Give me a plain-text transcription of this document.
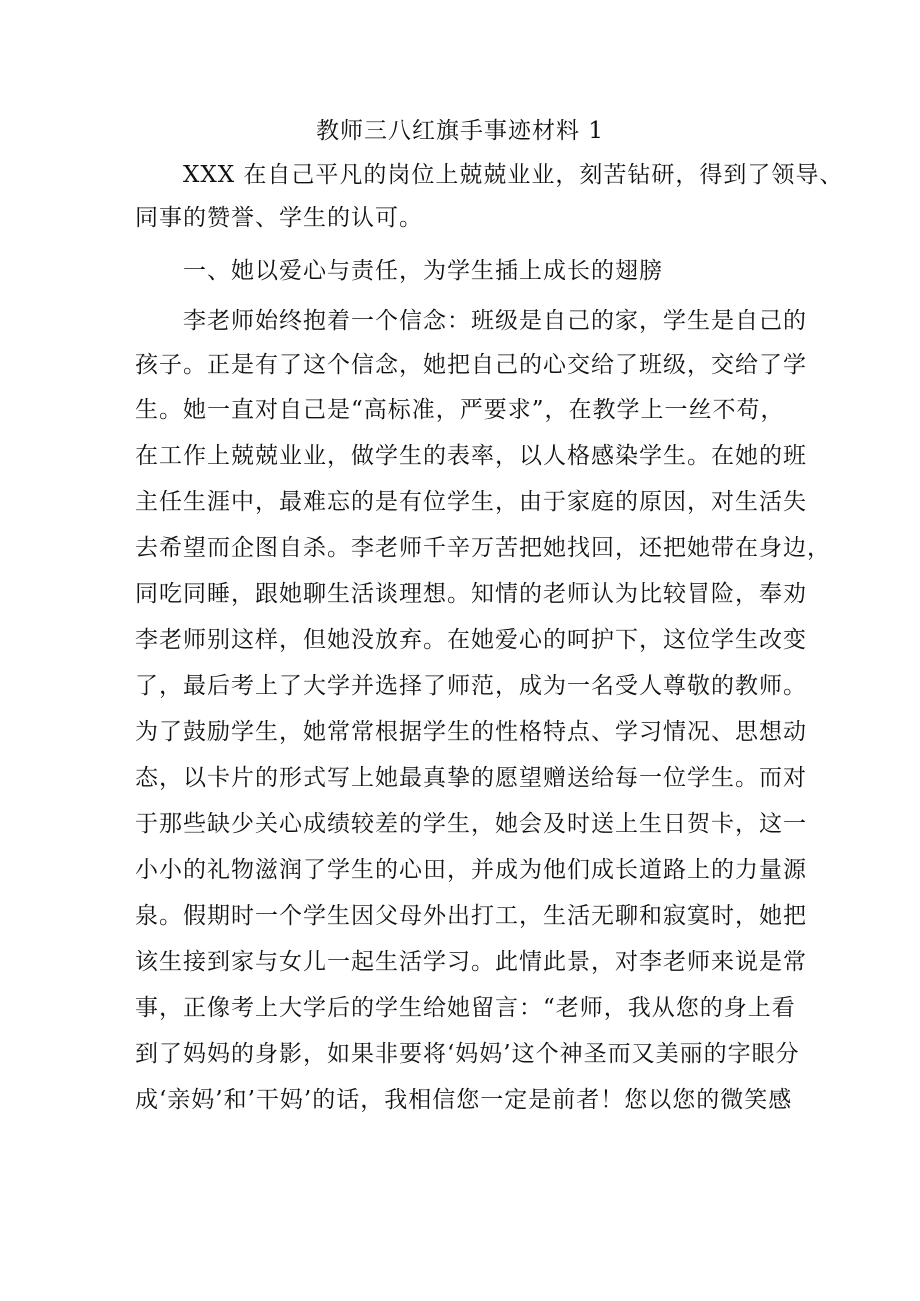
教师三八红旗手事迹材料 1
　　XXX 在自己平凡的岗位上兢兢业业，刻苦钻研，得到了领导、
同事的赞誉、学生的认可。
　　一、她以爱心与责任，为学生插上成长的翅膀
　　李老师始终抱着一个信念：班级是自己的家，学生是自己的
孩子。正是有了这个信念，她把自己的心交给了班级，交给了学
生。她一直对自己是“高标准，严要求”，在教学上一丝不苟，
在工作上兢兢业业，做学生的表率，以人格感染学生。在她的班
主任生涯中，最难忘的是有位学生，由于家庭的原因，对生活失
去希望而企图自杀。李老师千辛万苦把她找回，还把她带在身边，
同吃同睡，跟她聊生活谈理想。知情的老师认为比较冒险，奉劝
李老师别这样，但她没放弃。在她爱心的呵护下，这位学生改变
了，最后考上了大学并选择了师范，成为一名受人尊敬的教师。
为了鼓励学生，她常常根据学生的性格特点、学习情况、思想动
态，以卡片的形式写上她最真挚的愿望赠送给每一位学生。而对
于那些缺少关心成绩较差的学生，她会及时送上生日贺卡，这一
小小的礼物滋润了学生的心田，并成为他们成长道路上的力量源
泉。假期时一个学生因父母外出打工，生活无聊和寂寞时，她把
该生接到家与女儿一起生活学习。此情此景，对李老师来说是常
事，正像考上大学后的学生给她留言：“老师，我从您的身上看
到了妈妈的身影，如果非要将‘妈妈’这个神圣而又美丽的字眼分
成‘亲妈’和’干妈’的话，我相信您一定是前者！您以您的微笑感
